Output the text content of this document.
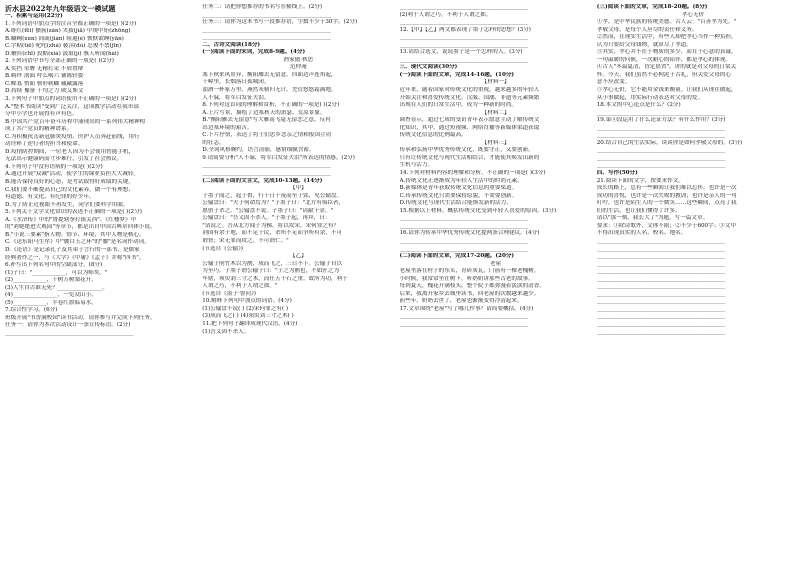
沂水县2022年九年级语文一模试题
一、积累与运用(22分)
1.下列词语中加点字的注音全都正确的一项是( )(2分)
A.绯红(fēi) 攒簇(zǎn) 夹拔(jiā) 中规中矩(zhōng)
B.嶙峋(xún) 间或(jiàn) 阻遏(è) 恹恹欲睡(yān)
C.字帖(tiē) 叱咤(zhà) 亵渎(dú) 忍俊不禁(jīn)
D.鞭笞(chī) 狡黠(xiá) 汲取(jí) 骇人听闻(hài)
2.下列词语中书写全部正确的一项是( )(2分)
A.奖挡 荣膺 无精打采 不屑置辩
B.羁绊 剖面 呼么喝六 铺陈轻姿
C.鳏寡 悄面 驯形刺蝴 藏藏露落
D.持续 豫备 千均之力 欧艾斯文
3.下列句子中加点的词语使用不正确的一项是( )(2分)
A."整本书阅读"受到广泛关注，这项教学活动在我市部
分中小学也开展得有声有色。
B.中国共产党百年奋斗历程中涌现出的一系列伟大精神构
成了共产党员的精神谱系。
C.为积极抗击新冠肺炎疫情，医护人员奔赴前线，用行
动诠释了逆行者的担当和使命。
D.疫情防控期间，一位老人因为不会使用智能手机，
无法出示健康码而寸步难行，引发了社会热议。
4.下列句子中没有语病的一项是( )(2分)
A.通过开展"双减"活动，使学生的课业负担大大减轻。
B.能否保持良好的心态，是考试取得好成绩的关键。
C.我们要不断提高自己的文化素养，做一个有理想、
有道德、有文化、有纪律的好少年。
D.为了防止近视眼不再发生，同学们要科学用眼。
5.下列关于文学文化常识的表述不正确的一项是( )(2分)
A.《水浒传》中的"鲁提辖拳打镇关西"、《红楼梦》中
的"刘姥姥进大观园"等章节，都是出自中国古典章回体小说。
B."小说三要素"指人物、情节、环境，其中人物是核心。
C.《送东阳马生序》中"腰白玉之环"的"腰"是名词作动词。
D.《论语》是记录孔子及其弟子言行的一部书，是儒家
经典著作之一，与《大学》《中庸》《孟子》并称"四书"。
6.补写出下列名句中的空缺部分。(8分)
(1)子曰："____________，可以为师矣。"
(2)____________，千树万树梨花开。
(3)人生自古谁无死？________________。
(4)________________，一览众山小。
(5)____________，半卷红旗临易水。
7.综合性学习。(6分)
班级开展"书香满校园"读书活动，请你参与并完成下列任务。
任务一：请你为本次活动设计一条宣传标语。(2分)
______________________________________________
任务二：请把你想推荐的书名写在横线上。(2分)
______________________________________________
任务三：请你为这本书写一段推荐语，字数不少于30字。(2分)
______________________________________________
______________________________________________
二、古诗文阅读(18分)
(一)阅读下面的宋词，完成8-9题。(4分)
渔家傲·秋思
范仲淹
塞下秋来风景异，衡阳雁去无留意。四面边声连角起，
千嶂里，长烟落日孤城闭。
浊酒一杯家万里，燕然未勒归无计。羌管悠悠霜满地。
人不寐，将军白发征夫泪。
8.下列对这首词的理解和赏析，不正确的一项是( )(2分)
A.上片写景，描绘了边塞秋天的萧瑟、荒凉景象。
B."衡阳雁去无留意"写大雁南飞毫无留恋之意，反衬
出边塞环境的艰苦。
C.下片抒情，表达了将士们思乡念亲之情和报国立功
的壮志。
D.全词风格婉约，语言清丽，感情细腻含蓄。
9.请简要分析"人不寐，将军白发征夫泪"所表达的情感。(2分)
______________________________________________
______________________________________________
(二)阅读下面的文言文，完成10-13题。(14分)
【甲】
子墨子闻之，起于鲁，行十日十夜而至于郢，见公输盘。
公输盘曰："夫子何命焉为？"子墨子曰："北方有侮臣者，
愿借子杀之。"公输盘不说。子墨子曰："请献十金。"
公输盘曰："吾义固不杀人。"子墨子起，再拜，曰：
"请说之。吾从北方闻子为梯，将以攻宋。宋何罪之有？
荆国有余于地，而不足于民，杀所不足而争所有余，不可
谓智；宋无罪而攻之，不可谓仁。"
(节选自《公输》)
【乙】
公输子削竹木以为鹊，成而飞之，三日不下。公输子自以
为至巧。子墨子谓公输子曰："子之为鹊也，不如匠之为
车辖，须臾刘三寸之木，而任五十石之重。故所为功，利于
人谓之巧，不利于人谓之拙。"
(节选自《墨子·鲁问》)
10.解释下列句中加点的词语。(4分)
(1)公输盘不说( ) (2)宋何罪之有( )
(3)成而飞之( ) (4)须臾刘三寸之木( )
11.把下列句子翻译成现代汉语。(4分)
(1)吾义固不杀人。
______________________________________________
(2)利于人谓之巧，不利于人谓之拙。
______________________________________________
12.【甲】【乙】两文都表现了墨子怎样的思想？(3分)
______________________________________________
______________________________________________
13.请结合选文，说说墨子是一个怎样的人。(3分)
______________________________________________
三、现代文阅读(30分)
(一)阅读下面的文章，完成14-16题。(10分)
【材料一】
近年来，随着国家对传统文化的重视，越来越多的年轻人
开始关注和喜爱传统文化。汉服、国潮、非遗等元素频繁
出现在人们的日常生活中，成为一种新的时尚。
【材料二】
调查显示，超过七成的受访青年表示愿意主动了解传统文
化知识，其中，通过短视频、网络直播等新媒体渠道获取
传统文化信息的比例最高。
【材料三】
传承和弘扬中华优秀传统文化，既要守正，又要创新。
只有让传统文化与现代生活相结合，才能使其焕发出新的
生机与活力。
14.下列对材料内容的理解和分析，不正确的一项是( )(3分)
A.传统文化正逐渐成为年轻人生活中的时尚元素。
B.新媒体是青年获取传统文化信息的重要渠道。
C.传承传统文化只需要保持原貌，不需要创新。
D.传统文化与现代生活结合能焕发新的活力。
15.根据以上材料，概括传统文化受到年轻人喜爱的原因。(3分)
______________________________________________
______________________________________________
16.请你为传承中华优秀传统文化提两条合理建议。(4分)
______________________________________________
______________________________________________
(二)阅读下面的文章，完成17-20题。(20分)
老屋
老屋坐落在村子的东头，青砖灰瓦，门前有一棵老槐树。
小时候，我常常坐在树下，听奶奶讲那些古老的故事。
每到夏天，槐花开满枝头，整个院子都弥漫着淡淡的清香。
后来，我离开家乡去城里读书，回老屋的次数越来越少。
前些年，奶奶去世了，老屋也渐渐变得冷清起来。
17.文章围绕"老屋"写了哪几件事？请简要概括。(4分)
______________________________________________
______________________________________________
(三)阅读下面的文章，完成18-20题。(8分)
孝心无价
①孝，是中华民族的传统美德。古人云："百善孝为先。"
孝敬父母，是每个人应尽的责任和义务。
②然而，在现实生活中，有些人却把孝心当作一种负担，
认为只要给父母钱物，就算尽了孝道。
③其实，孝心并不在于物质的多少，而在于心意的真诚。
一句温暖的问候，一次耐心的陪伴，都是孝心的体现。
④古人"冬温夏凊，昏定晨省"，讲的就是对父母的日常关
怀。今天，我们虽然不必拘泥于古礼，但关爱父母的心
意不应改变。
⑤孝心无价，它不能用金钱来衡量。让我们从现在做起，
从小事做起，用实际行动表达对父母的爱。
18.本文的中心论点是什么？(2分)
______________________________________________
19.第④段运用了什么论证方法？有什么作用？(3分)
______________________________________________
______________________________________________
20.结合自己的生活实际，谈谈你是如何孝敬父母的。(3分)
______________________________________________
______________________________________________
______________________________________________
四、写作(50分)
21.阅读下面的文字，按要求作文。
成长的路上，总有一些瞬间让我们难以忘怀。也许是一次
成功的喜悦，也许是一次失败的教训；也许是亲人的一句
叮咛，也许是陌生人的一个微笑……这些瞬间，点亮了我
们的生活，也让我们懂得了许多。
请以"那一刻，我长大了"为题，写一篇文章。
要求：①除诗歌外，文体不限；②不少于600字；③文中
不得出现真实的人名、校名、地名。
______________________________________________
______________________________________________
______________________________________________
______________________________________________
______________________________________________
______________________________________________
______________________________________________
______________________________________________
______________________________________________
______________________________________________
______________________________________________
______________________________________________
______________________________________________
